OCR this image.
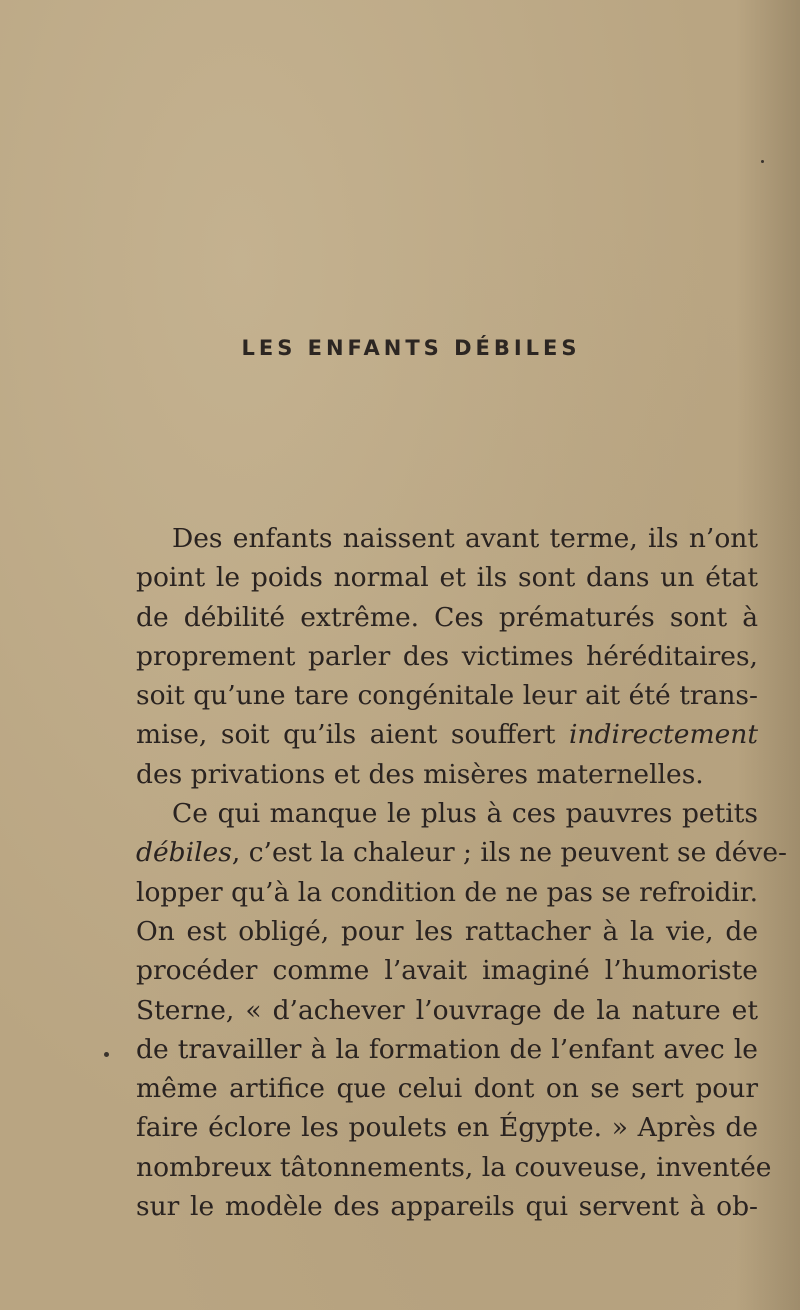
LES ENFANTS DÉBILES
Des enfants naissent avant terme, ils n’ont
point le poids normal et ils sont dans un état
de débilité extrême. Ces prématurés sont à
proprement parler des victimes héréditaires,
soit qu’une tare congénitale leur ait été trans-
mise, soit qu’ils aient souffert indirectement
des privations et des misères maternelles.
Ce qui manque le plus à ces pauvres petits
débiles, c’est la chaleur ; ils ne peuvent se déve-
lopper qu’à la condition de ne pas se refroidir.
On est obligé, pour les rattacher à la vie, de
procéder comme l’avait imaginé l’humoriste
Sterne, « d’achever l’ouvrage de la nature et
de travailler à la formation de l’enfant avec le
même artifice que celui dont on se sert pour
faire éclore les poulets en Égypte. » Après de
nombreux tâtonnements, la couveuse, inventée
sur le modèle des appareils qui servent à ob-
